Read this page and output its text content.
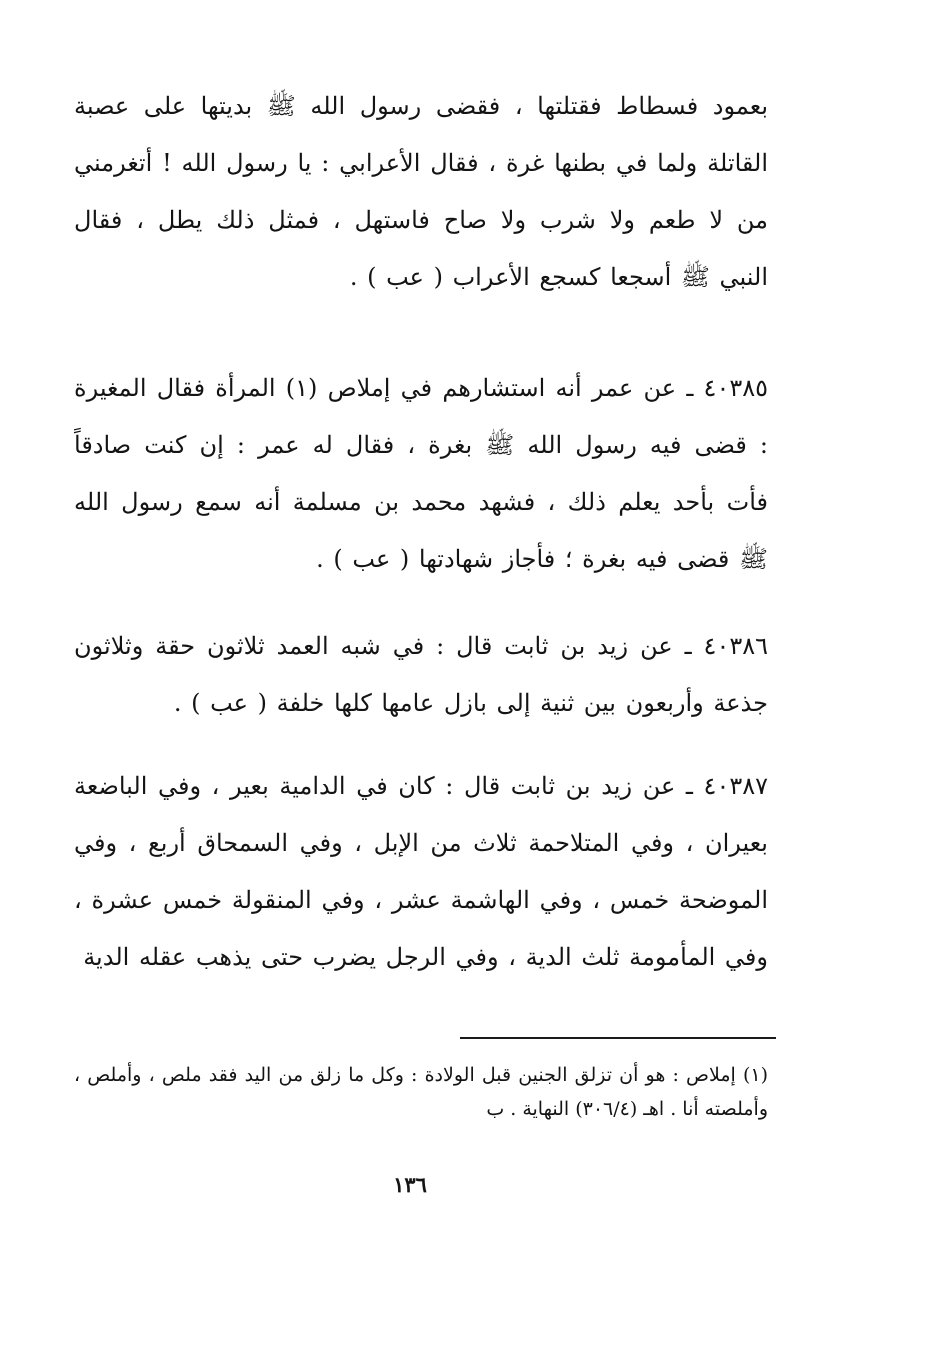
بعمود فسطاط فقتلتها ، فقضى رسول الله ﷺ بديتها على عصبة القاتلة ولما في بطنها غرة ، فقال الأعرابي : يا رسول الله ! أتغرمني من لا طعم ولا شرب ولا صاح فاستهل ، فمثل ذلك يطل ، فقال النبي ﷺ أسجعا كسجع الأعراب ( عب ) .

٤٠٣٨٥ ـ عن عمر أنه استشارهم في إملاص (١) المرأة فقال المغيرة : قضى فيه رسول الله ﷺ بغرة ، فقال له عمر : إن كنت صادقاً فأت بأحد يعلم ذلك ، فشهد محمد بن مسلمة أنه سمع رسول الله ﷺ قضى فيه بغرة ؛ فأجاز شهادتها ( عب ) .

٤٠٣٨٦ ـ عن زيد بن ثابت قال : في شبه العمد ثلاثون حقة وثلاثون جذعة وأربعون بين ثنية إلى بازل عامها كلها خلفة ( عب ) .

٤٠٣٨٧ ـ عن زيد بن ثابت قال : كان في الدامية بعير ، وفي الباضعة بعيران ، وفي المتلاحمة ثلاث من الإبل ، وفي السمحاق أربع ، وفي الموضحة خمس ، وفي الهاشمة عشر ، وفي المنقولة خمس عشرة ، وفي المأمومة ثلث الدية ، وفي الرجل يضرب حتى يذهب عقله الدية

(١) إملاص : هو أن تزلق الجنين قبل الولادة : وكل ما زلق من اليد فقد ملص ، وأملص ، وأملصته أنا . اهـ (٣٠٦/٤) النهاية . ب

١٣٦
